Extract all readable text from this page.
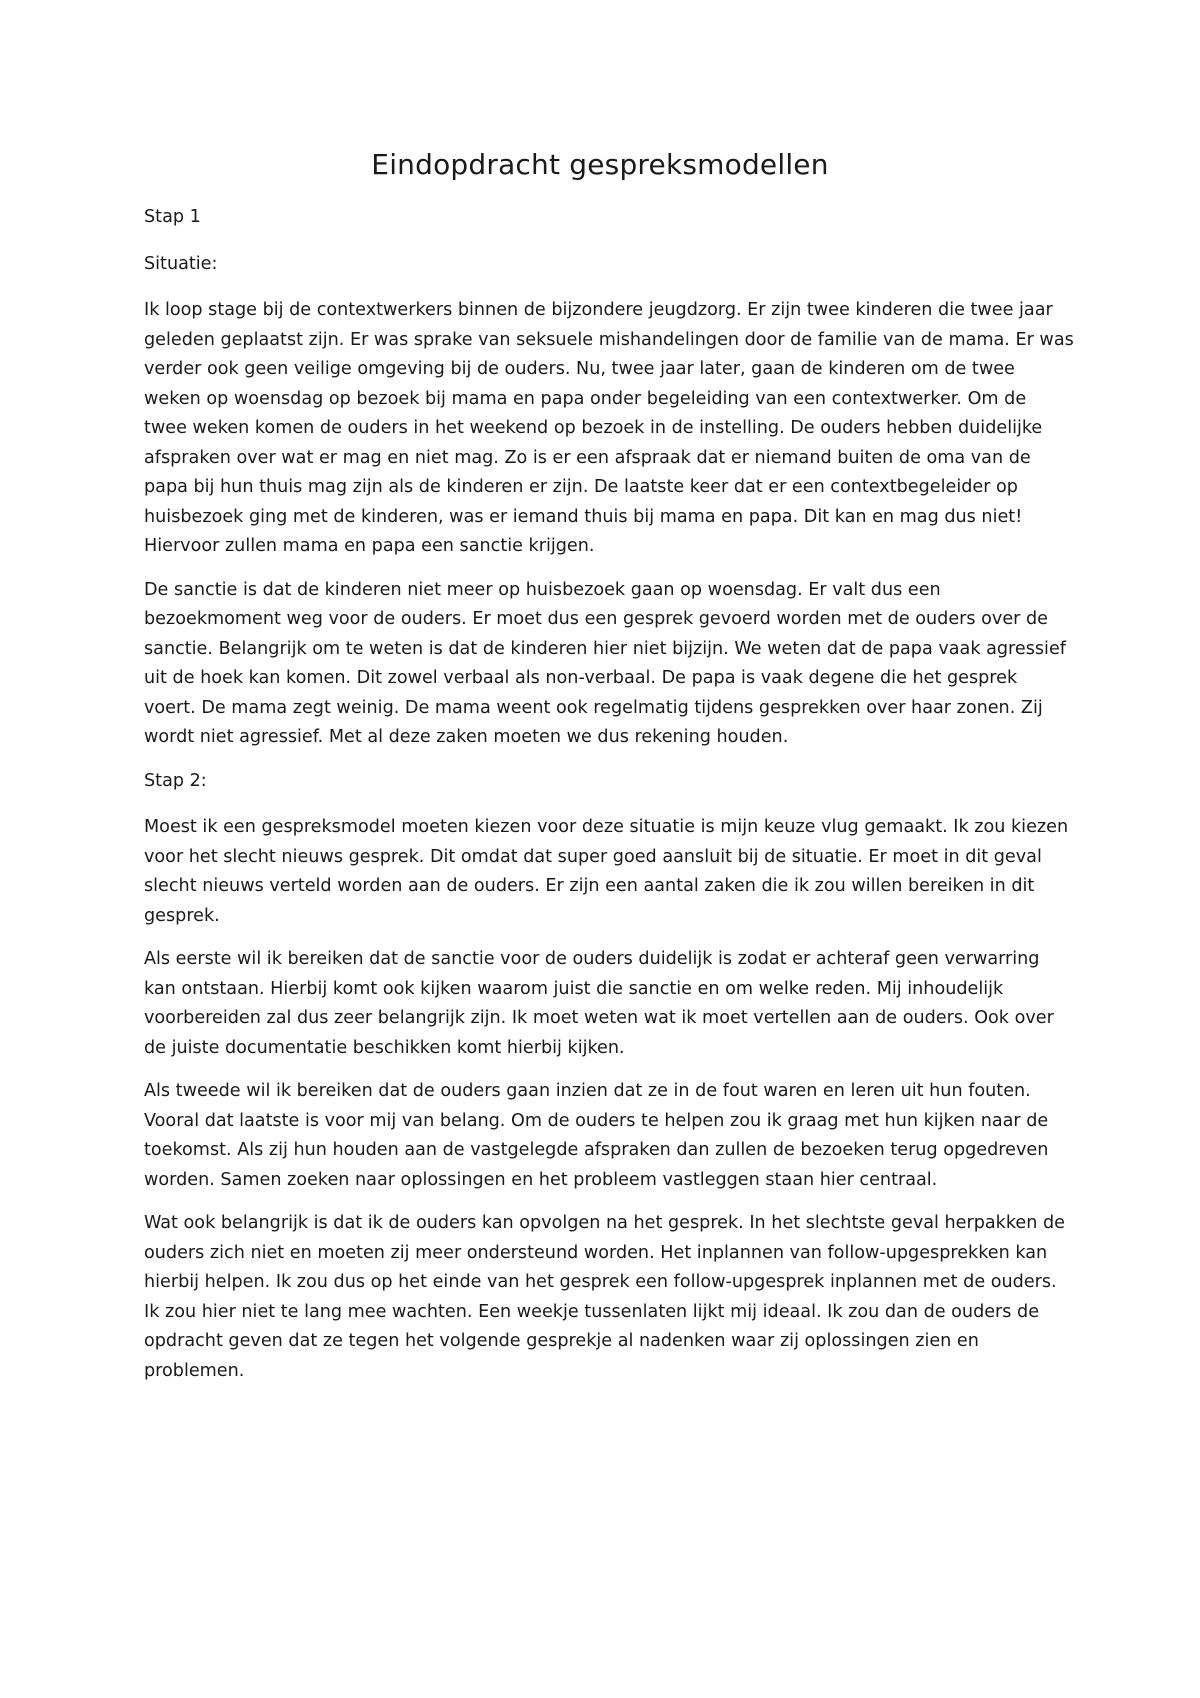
Eindopdracht gespreksmodellen

Stap 1

Situatie:

Ik loop stage bij de contextwerkers binnen de bijzondere jeugdzorg. Er zijn twee kinderen die twee jaar geleden geplaatst zijn. Er was sprake van seksuele mishandelingen door de familie van de mama. Er was verder ook geen veilige omgeving bij de ouders. Nu, twee jaar later, gaan de kinderen om de twee weken op woensdag op bezoek bij mama en papa onder begeleiding van een contextwerker. Om de twee weken komen de ouders in het weekend op bezoek in de instelling. De ouders hebben duidelijke afspraken over wat er mag en niet mag. Zo is er een afspraak dat er niemand buiten de oma van de papa bij hun thuis mag zijn als de kinderen er zijn. De laatste keer dat er een contextbegeleider op huisbezoek ging met de kinderen, was er iemand thuis bij mama en papa. Dit kan en mag dus niet! Hiervoor zullen mama en papa een sanctie krijgen.

De sanctie is dat de kinderen niet meer op huisbezoek gaan op woensdag. Er valt dus een bezoekmoment weg voor de ouders. Er moet dus een gesprek gevoerd worden met de ouders over de sanctie. Belangrijk om te weten is dat de kinderen hier niet bijzijn. We weten dat de papa vaak agressief uit de hoek kan komen. Dit zowel verbaal als non-verbaal. De papa is vaak degene die het gesprek voert. De mama zegt weinig. De mama weent ook regelmatig tijdens gesprekken over haar zonen. Zij wordt niet agressief. Met al deze zaken moeten we dus rekening houden.

Stap 2:

Moest ik een gespreksmodel moeten kiezen voor deze situatie is mijn keuze vlug gemaakt. Ik zou kiezen voor het slecht nieuws gesprek. Dit omdat dat super goed aansluit bij de situatie. Er moet in dit geval slecht nieuws verteld worden aan de ouders. Er zijn een aantal zaken die ik zou willen bereiken in dit gesprek.

Als eerste wil ik bereiken dat de sanctie voor de ouders duidelijk is zodat er achteraf geen verwarring kan ontstaan. Hierbij komt ook kijken waarom juist die sanctie en om welke reden. Mij inhoudelijk voorbereiden zal dus zeer belangrijk zijn. Ik moet weten wat ik moet vertellen aan de ouders. Ook over de juiste documentatie beschikken komt hierbij kijken.

Als tweede wil ik bereiken dat de ouders gaan inzien dat ze in de fout waren en leren uit hun fouten. Vooral dat laatste is voor mij van belang. Om de ouders te helpen zou ik graag met hun kijken naar de toekomst. Als zij hun houden aan de vastgelegde afspraken dan zullen de bezoeken terug opgedreven worden. Samen zoeken naar oplossingen en het probleem vastleggen staan hier centraal.

Wat ook belangrijk is dat ik de ouders kan opvolgen na het gesprek. In het slechtste geval herpakken de ouders zich niet en moeten zij meer ondersteund worden. Het inplannen van follow-upgesprekken kan hierbij helpen. Ik zou dus op het einde van het gesprek een follow-upgesprek inplannen met de ouders. Ik zou hier niet te lang mee wachten. Een weekje tussenlaten lijkt mij ideaal. Ik zou dan de ouders de opdracht geven dat ze tegen het volgende gesprekje al nadenken waar zij oplossingen zien en problemen.
